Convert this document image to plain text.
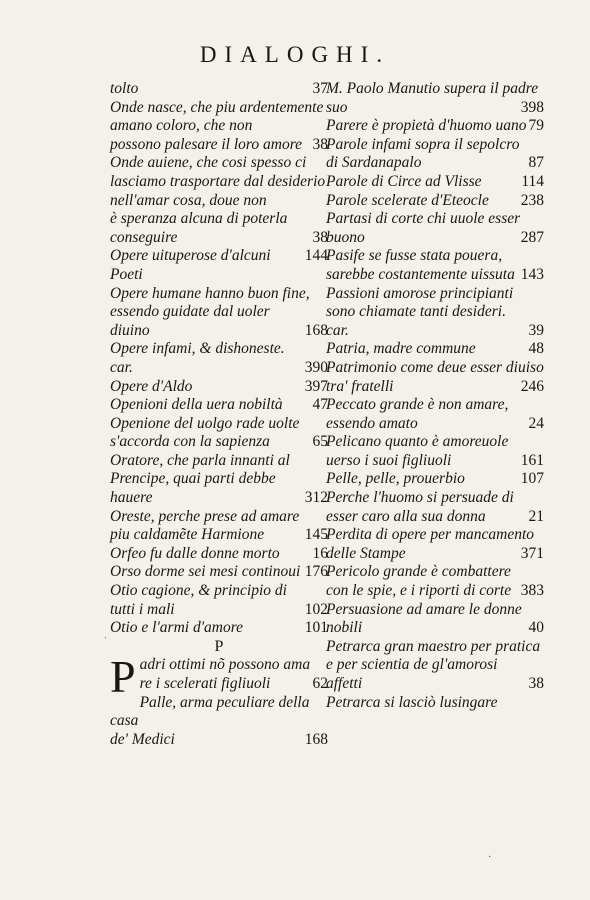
DIALOGHI.
37
tolto
Onde nasce, che piu ardentemente
amano coloro, che non
38
possono palesare il loro amore
Onde auiene, che cosi spesso ci
lasciamo trasportare dal desiderio
nell'amar cosa, doue non
è speranza alcuna di poterla
38
conseguire
144
Opere uituperose d'alcuni Poeti
Opere humane hanno buon fine,
essendo guidate dal uoler
168
diuino
Opere infami, & dishoneste.
390
car.
397
Opere d'Aldo
47
Openioni della uera nobiltà
Openione del uolgo rade uolte
65
s'accorda con la sapienza
Oratore, che parla innanti al
Prencipe, quai parti debbe
312
hauere
Oreste, perche prese ad amare
145
piu caldamẽte Harmione
16
Orfeo fu dalle donne morto
176
Orso dorme sei mesi continoui
Otio cagione, & principio di
102
tutti i mali
101
Otio e l'armi d'amore
P
P adri ottimi nõ possono ama
62
re i scelerati figliuoli
Palle, arma peculiare della casa
168
de' Medici
M. Paolo Manutio supera il padre
398
suo
79
Parere è propietà d'huomo uano
Parole infami sopra il sepolcro
87
di Sardanapalo
114
Parole di Circe ad Vlisse
238
Parole scelerate d'Eteocle
Partasi di corte chi uuole esser
287
buono
Pasife se fusse stata pouera,
143
sarebbe costantemente uissuta
Passioni amorose principianti
sono chiamate tanti desideri.
39
car.
48
Patria, madre commune
Patrimonio come deue esser diuiso
246
tra' fratelli
Peccato grande è non amare,
24
essendo amato
Pelicano quanto è amoreuole
161
uerso i suoi figliuoli
107
Pelle, pelle, prouerbio
Perche l'huomo si persuade di
21
esser caro alla sua donna
Perdita di opere per mancamento
371
delle Stampe
Pericolo grande è combattere
383
con le spie, e i riporti di corte
Persuasione ad amare le donne
40
nobili
Petrarca gran maestro per pratica
e per scientia de gl'amorosi
38
affetti
Petrarca si lasciò lusingare
ˈ
·
